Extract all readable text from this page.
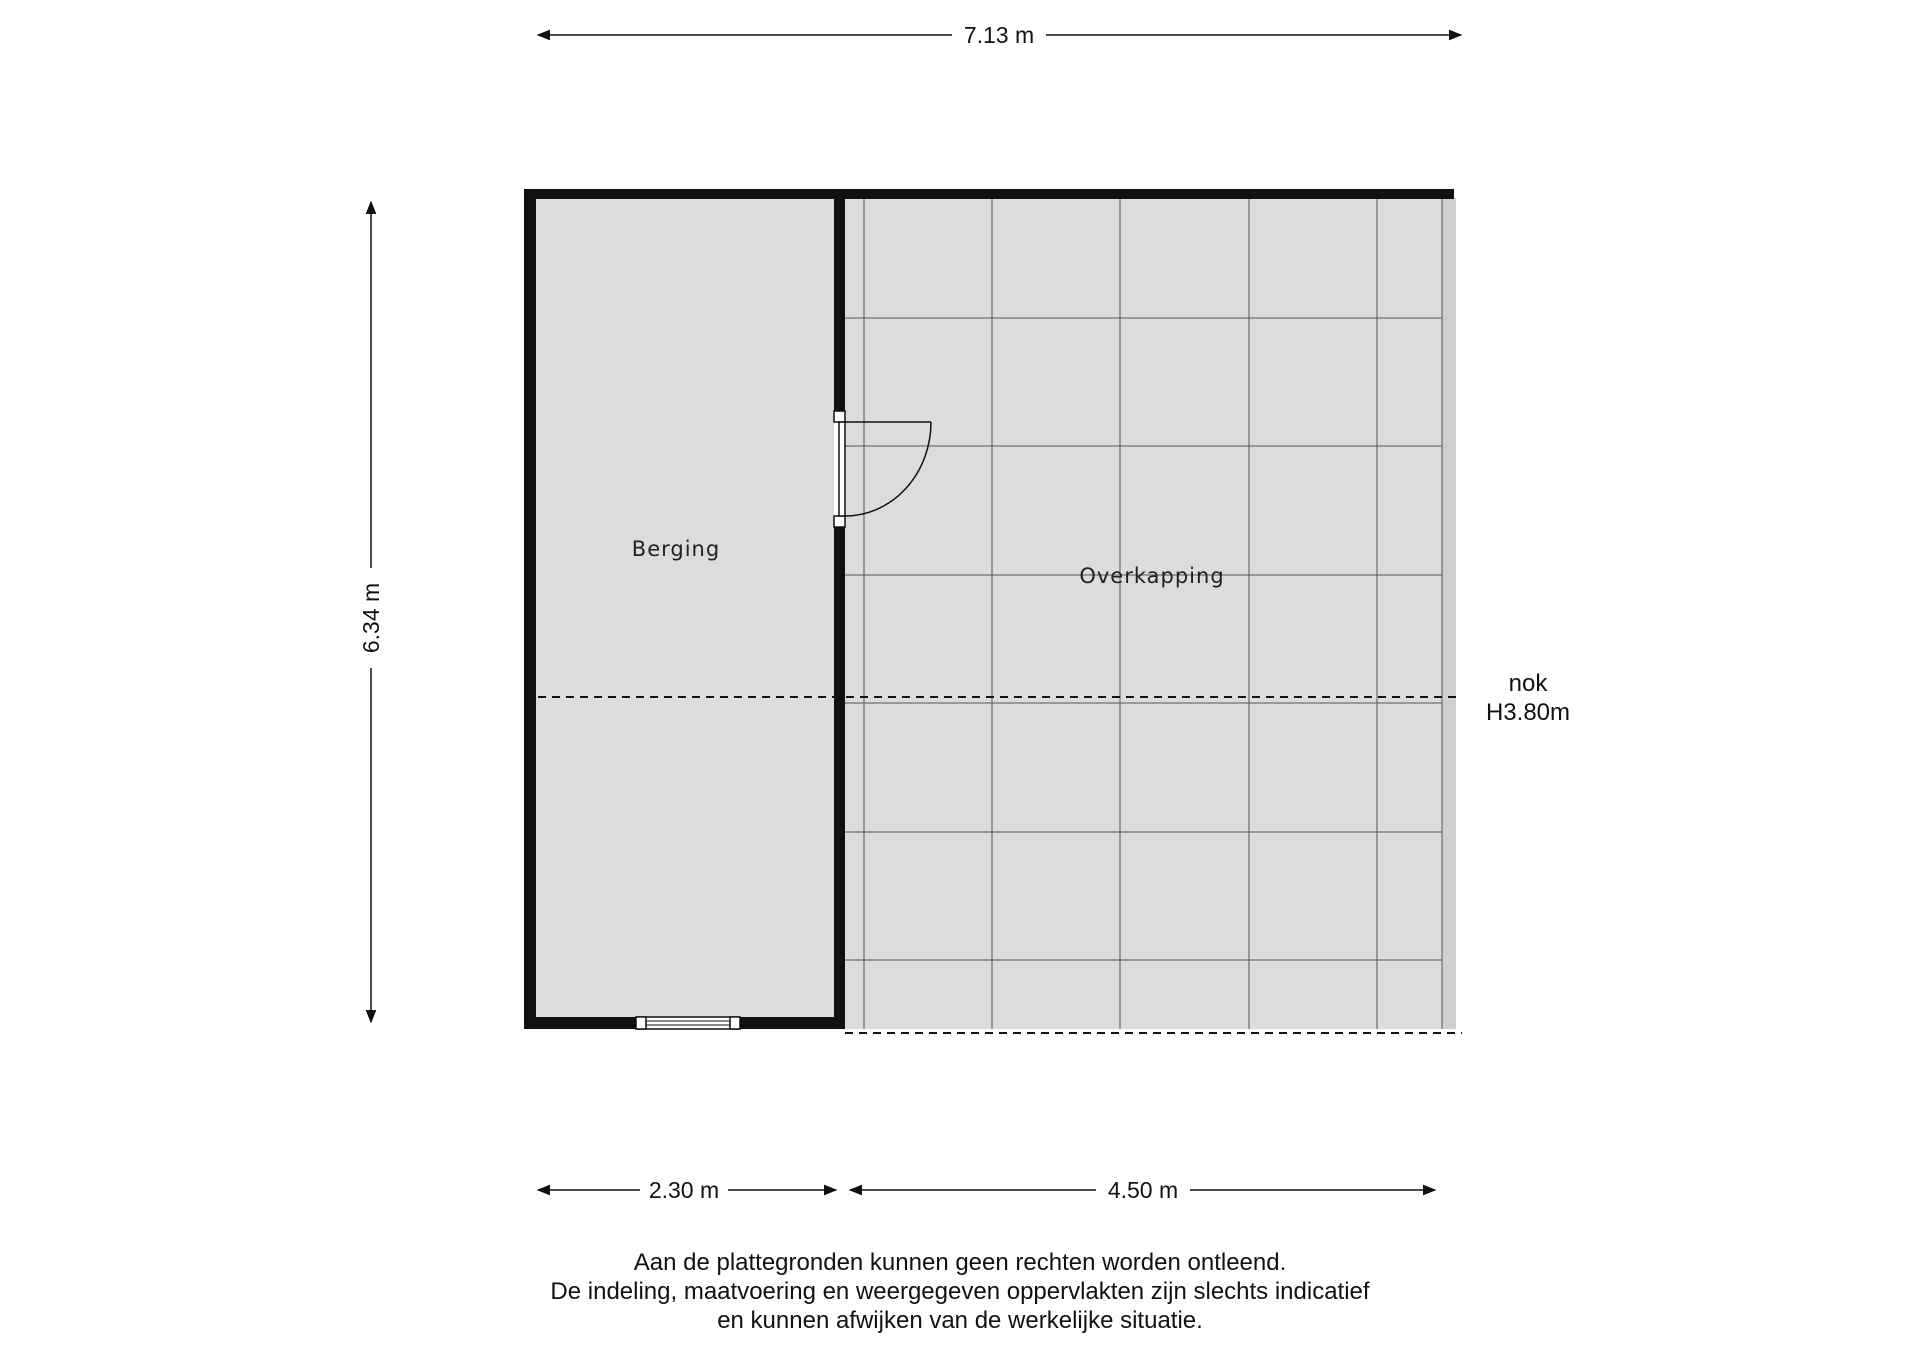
7.13 m
6.34 m
2.30 m	4.50 m
Berging
Overkapping
nok
H3.80m
Aan de plattegronden kunnen geen rechten worden ontleend.
De indeling, maatvoering en weergegeven oppervlakten zijn slechts indicatief
en kunnen afwijken van de werkelijke situatie.
